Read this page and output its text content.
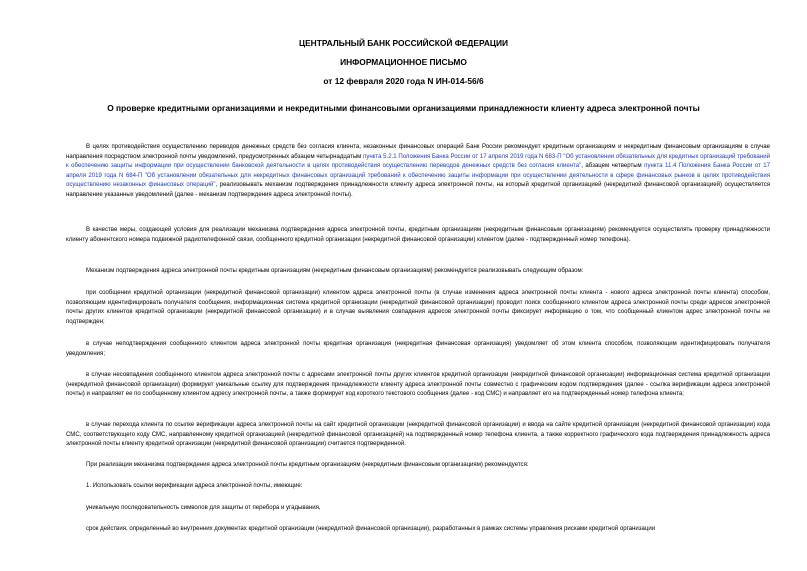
ЦЕНТРАЛЬНЫЙ БАНК РОССИЙСКОЙ ФЕДЕРАЦИИ
ИНФОРМАЦИОННОЕ ПИСЬМО
от 12 февраля 2020 года N ИН-014-56/6
О проверке кредитными организациями и некредитными финансовыми организациями принадлежности клиенту адреса электронной почты

В целях противодействия осуществлению переводов денежных средств без согласия клиента, незаконных финансовых операций Банк России рекомендует кредитным организациям и некредитным финансовым организациям в случае направления посредством электронной почты уведомлений, предусмотренных абзацем четырнадцатым пункта 5.2.1 Положения Банка России от 17 апреля 2019 года N 683-П "Об установлении обязательных для кредитных организаций требований к обеспечению защиты информации при осуществлении банковской деятельности в целях противодействия осуществлению переводов денежных средств без согласия клиента", абзацем четвертым пункта 11.4 Положения Банка России от 17 апреля 2019 года N 684-П "Об установлении обязательных для некредитных финансовых организаций требований к обеспечению защиты информации при осуществлении деятельности в сфере финансовых рынков в целях противодействия осуществлению незаконных финансовых операций", реализовывать механизм подтверждения принадлежности клиенту адреса электронной почты, на который кредитной организацией (некредитной финансовой организацией) осуществляется направление указанных уведомлений (далее - механизм подтверждения адреса электронной почты).

В качестве меры, создающей условия для реализации механизма подтверждения адреса электронной почты, кредитным организациям (некредитным финансовым организациям) рекомендуется осуществлять проверку принадлежности клиенту абонентского номера подвижной радиотелефонной связи, сообщенного кредитной организации (некредитной финансовой организации) клиентом (далее - подтвержденный номер телефона).

Механизм подтверждения адреса электронной почты кредитным организациям (некредитным финансовым организациям) рекомендуется реализовывать следующим образом:

при сообщении кредитной организации (некредитной финансовой организации) клиентом адреса электронной почты (в случае изменения адреса электронной почты клиента - нового адреса электронной почты клиента) способом, позволяющим идентифицировать получателя сообщения, информационная система кредитной организации (некредитной финансовой организации) проводит поиск сообщенного клиентом адреса электронной почты среди адресов электронной почты других клиентов кредитной организации (некредитной финансовой организации) и в случае выявления совпадения адресов электронной почты фиксирует информацию о том, что сообщенный клиентом адрес электронной почты не подтвержден;

в случае неподтверждения сообщенного клиентом адреса электронной почты кредитная организация (некредитная финансовая организация) уведомляет об этом клиента способом, позволяющим идентифицировать получателя уведомления;

в случае несовпадения сообщенного клиентом адреса электронной почты с адресами электронной почты других клиентов кредитной организации (некредитной финансовой организации) информационная система кредитной организации (некредитной финансовой организации) формирует уникальные ссылку для подтверждения принадлежности клиенту адреса электронной почты совместно с графическим кодом подтверждения (далее - ссылка верификации адреса электронной почты) и направляет ее по сообщенному клиентом адресу электронной почты, а также формирует код короткого текстового сообщения (далее - код СМС) и направляет его на подтвержденный номер телефона клиента;

в случае перехода клиента по ссылке верификации адреса электронной почты на сайт кредитной организации (некредитной финансовой организации) и ввода на сайте кредитной организации (некредитной финансовой организации) кода СМС, соответствующего коду СМС, направленному кредитной организацией (некредитной финансовой организацией) на подтвержденный номер телефона клиента, а также корректного графического кода подтверждения принадлежность адреса электронной почты клиенту кредитной организации (некредитной финансовой организации) считается подтвержденной.

При реализации механизма подтверждения адреса электронной почты кредитным организациям (некредитным финансовым организациям) рекомендуется:

1. Использовать ссылки верификации адреса электронной почты, имеющие:

уникальную последовательность символов для защиты от перебора и угадывания,

срок действия, определенный во внутренних документах кредитной организации (некредитной финансовой организации), разработанных в рамках системы управления рисками кредитной организации
